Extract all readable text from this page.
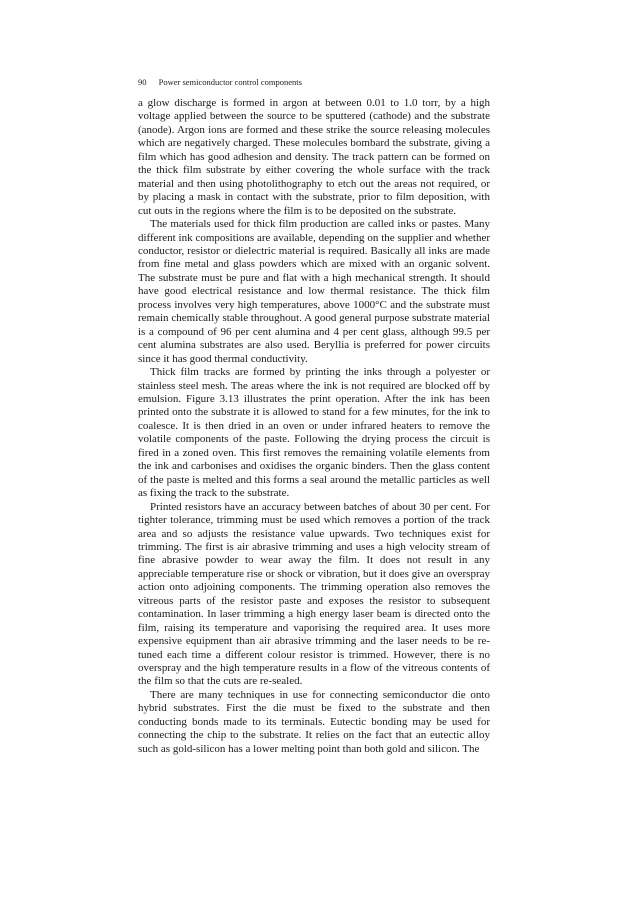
90 Power semiconductor control components

a glow discharge is formed in argon at between 0.01 to 1.0 torr, by a high voltage applied between the source to be sputtered (cathode) and the substrate (anode). Argon ions are formed and these strike the source releasing molecules which are negatively charged. These molecules bombard the substrate, giving a film which has good adhesion and density. The track pattern can be formed on the thick film substrate by either covering the whole surface with the track material and then using photolithography to etch out the areas not required, or by placing a mask in contact with the substrate, prior to film deposition, with cut outs in the regions where the film is to be deposited on the substrate.

The materials used for thick film production are called inks or pastes. Many different ink compositions are available, depending on the supplier and whether conductor, resistor or dielectric material is required. Basically all inks are made from fine metal and glass powders which are mixed with an organic solvent. The substrate must be pure and flat with a high mechanical strength. It should have good electrical resistance and low thermal resistance. The thick film process involves very high temperatures, above 1000°C and the substrate must remain chemically stable throughout. A good general purpose substrate material is a compound of 96 per cent alumina and 4 per cent glass, although 99.5 per cent alumina substrates are also used. Beryllia is preferred for power circuits since it has good thermal conductivity.

Thick film tracks are formed by printing the inks through a polyester or stainless steel mesh. The areas where the ink is not required are blocked off by emulsion. Figure 3.13 illustrates the print operation. After the ink has been printed onto the substrate it is allowed to stand for a few minutes, for the ink to coalesce. It is then dried in an oven or under infrared heaters to remove the volatile components of the paste. Following the drying process the circuit is fired in a zoned oven. This first removes the remaining volatile elements from the ink and carbonises and oxidises the organic binders. Then the glass content of the paste is melted and this forms a seal around the metallic particles as well as fixing the track to the substrate.

Printed resistors have an accuracy between batches of about 30 per cent. For tighter tolerance, trimming must be used which removes a portion of the track area and so adjusts the resistance value upwards. Two techniques exist for trimming. The first is air abrasive trimming and uses a high velocity stream of fine abrasive powder to wear away the film. It does not result in any appreciable temperature rise or shock or vibration, but it does give an overspray action onto adjoining components. The trimming operation also removes the vitreous parts of the resistor paste and exposes the resistor to subsequent contamination. In laser trimming a high energy laser beam is directed onto the film, raising its temperature and vaporising the required area. It uses more expensive equipment than air abrasive trimming and the laser needs to be re-tuned each time a different colour resistor is trimmed. However, there is no overspray and the high temperature results in a flow of the vitreous contents of the film so that the cuts are re-sealed.

There are many techniques in use for connecting semiconductor die onto hybrid substrates. First the die must be fixed to the substrate and then conducting bonds made to its terminals. Eutectic bonding may be used for connecting the chip to the substrate. It relies on the fact that an eutectic alloy such as gold-silicon has a lower melting point than both gold and silicon. The
